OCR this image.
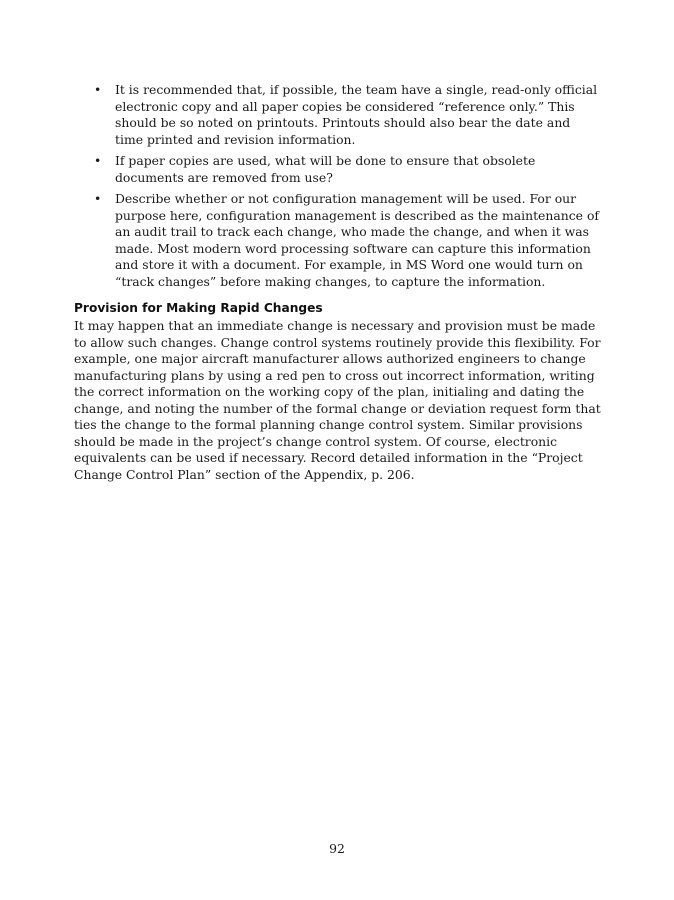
•	It is recommended that, if possible, the team have a single, read-only official electronic copy and all paper copies be considered “reference only.” This should be so noted on printouts. Printouts should also bear the date and time printed and revision information.
•	If paper copies are used, what will be done to ensure that obsolete documents are removed from use?
•	Describe whether or not configuration management will be used. For our purpose here, configuration management is described as the maintenance of an audit trail to track each change, who made the change, and when it was made. Most modern word processing software can capture this information and store it with a document. For example, in MS Word one would turn on “track changes” before making changes, to capture the information.
Provision for Making Rapid Changes

It may happen that an immediate change is necessary and provision must be made to allow such changes. Change control systems routinely provide this flexibility. For example, one major aircraft manufacturer allows authorized engineers to change manufacturing plans by using a red pen to cross out incorrect information, writing the correct information on the working copy of the plan, initialing and dating the change, and noting the number of the formal change or deviation request form that ties the change to the formal planning change control system. Similar provisions should be made in the project’s change control system. Of course, electronic equivalents can be used if necessary. Record detailed information in the “Project Change Control Plan” section of the Appendix, p. 206.

92
